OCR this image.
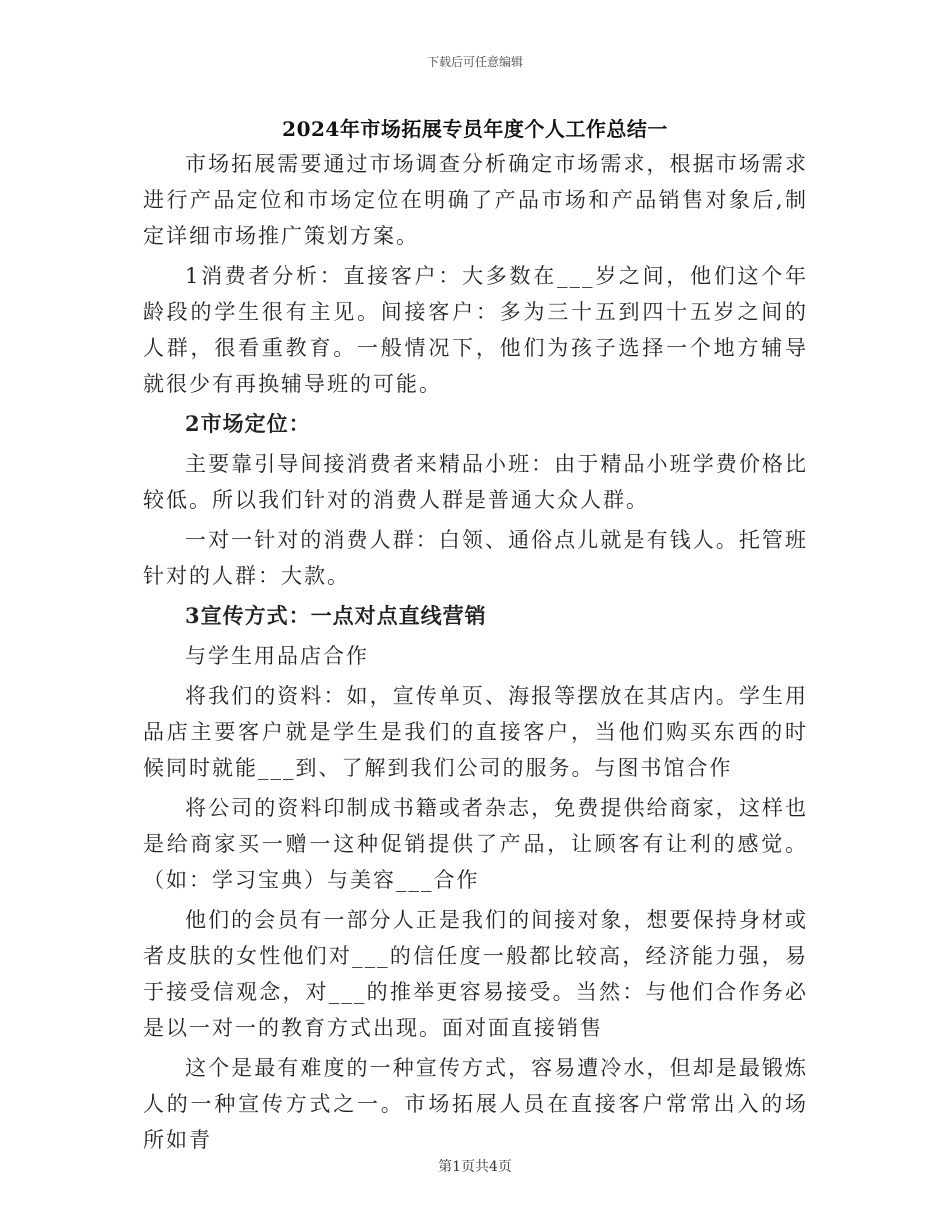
下载后可任意编辑
2024年市场拓展专员年度个人工作总结一

市场拓展需要通过市场调查分析确定市场需求，根据市场需求进行产品定位和市场定位在明确了产品市场和产品销售对象后,制定详细市场推广策划方案。

1消费者分析：直接客户：大多数在___岁之间，他们这个年龄段的学生很有主见。间接客户：多为三十五到四十五岁之间的人群，很看重教育。一般情况下，他们为孩子选择一个地方辅导就很少有再换辅导班的可能。

2市场定位：

主要靠引导间接消费者来精品小班：由于精品小班学费价格比较低。所以我们针对的消费人群是普通大众人群。

一对一针对的消费人群：白领、通俗点儿就是有钱人。托管班针对的人群：大款。

3宣传方式：一点对点直线营销

与学生用品店合作

将我们的资料：如，宣传单页、海报等摆放在其店内。学生用品店主要客户就是学生是我们的直接客户，当他们购买东西的时候同时就能___到、了解到我们公司的服务。与图书馆合作

将公司的资料印制成书籍或者杂志，免费提供给商家，这样也是给商家买一赠一这种促销提供了产品，让顾客有让利的感觉。（如：学习宝典）与美容___合作

他们的会员有一部分人正是我们的间接对象，想要保持身材或者皮肤的女性他们对___的信任度一般都比较高，经济能力强，易于接受信观念，对___的推举更容易接受。当然：与他们合作务必是以一对一的教育方式出现。面对面直接销售

这个是最有难度的一种宣传方式，容易遭冷水，但却是最锻炼人的一种宣传方式之一。市场拓展人员在直接客户常常出入的场所如青

第1页共4页
